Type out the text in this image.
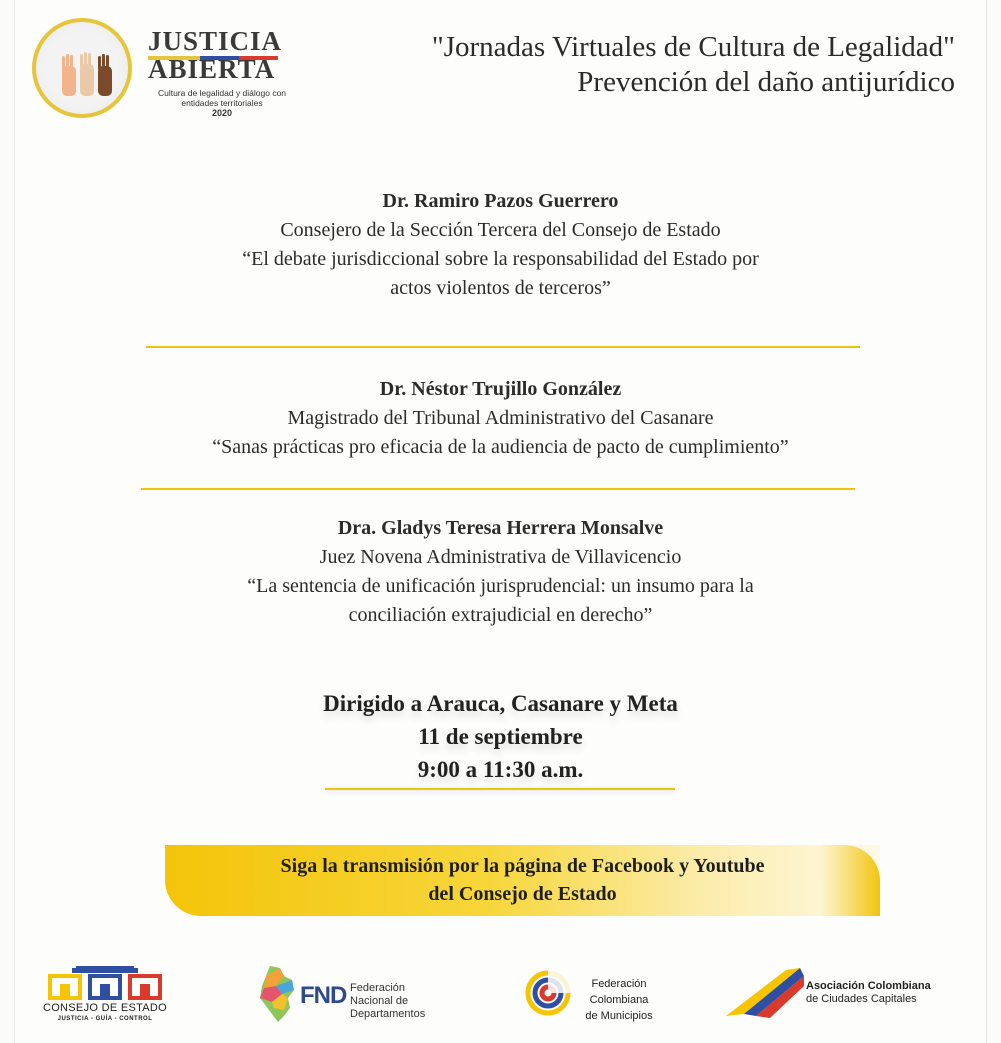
JUSTICIA
ABIERTA
Cultura de legalidad y diálogo con
entidades territoriales
2020
"Jornadas Virtuales de Cultura de Legalidad"
Prevención del daño antijurídico
Dr. Ramiro Pazos Guerrero
Consejero de la Sección Tercera del Consejo de Estado
“El debate jurisdiccional sobre la responsabilidad del Estado por
actos violentos de terceros”
Dr. Néstor Trujillo González
Magistrado del Tribunal Administrativo del Casanare
“Sanas prácticas pro eficacia de la audiencia de pacto de cumplimiento”
Dra. Gladys Teresa Herrera Monsalve
Juez Novena Administrativa de Villavicencio
“La sentencia de unificación jurisprudencial: un insumo para la
conciliación extrajudicial en derecho”
Dirigido a Arauca, Casanare y Meta
11 de septiembre
9:00 a 11:30 a.m.
Siga la transmisión por la página de Facebook y Youtube
del Consejo de Estado
CONSEJO DE ESTADO
JUSTICIA - GUÍA - CONTROL
FND Federación Nacional de
Departamentos
Federación
Colombiana
de Municipios
Asociación Colombiana
de Ciudades Capitales
